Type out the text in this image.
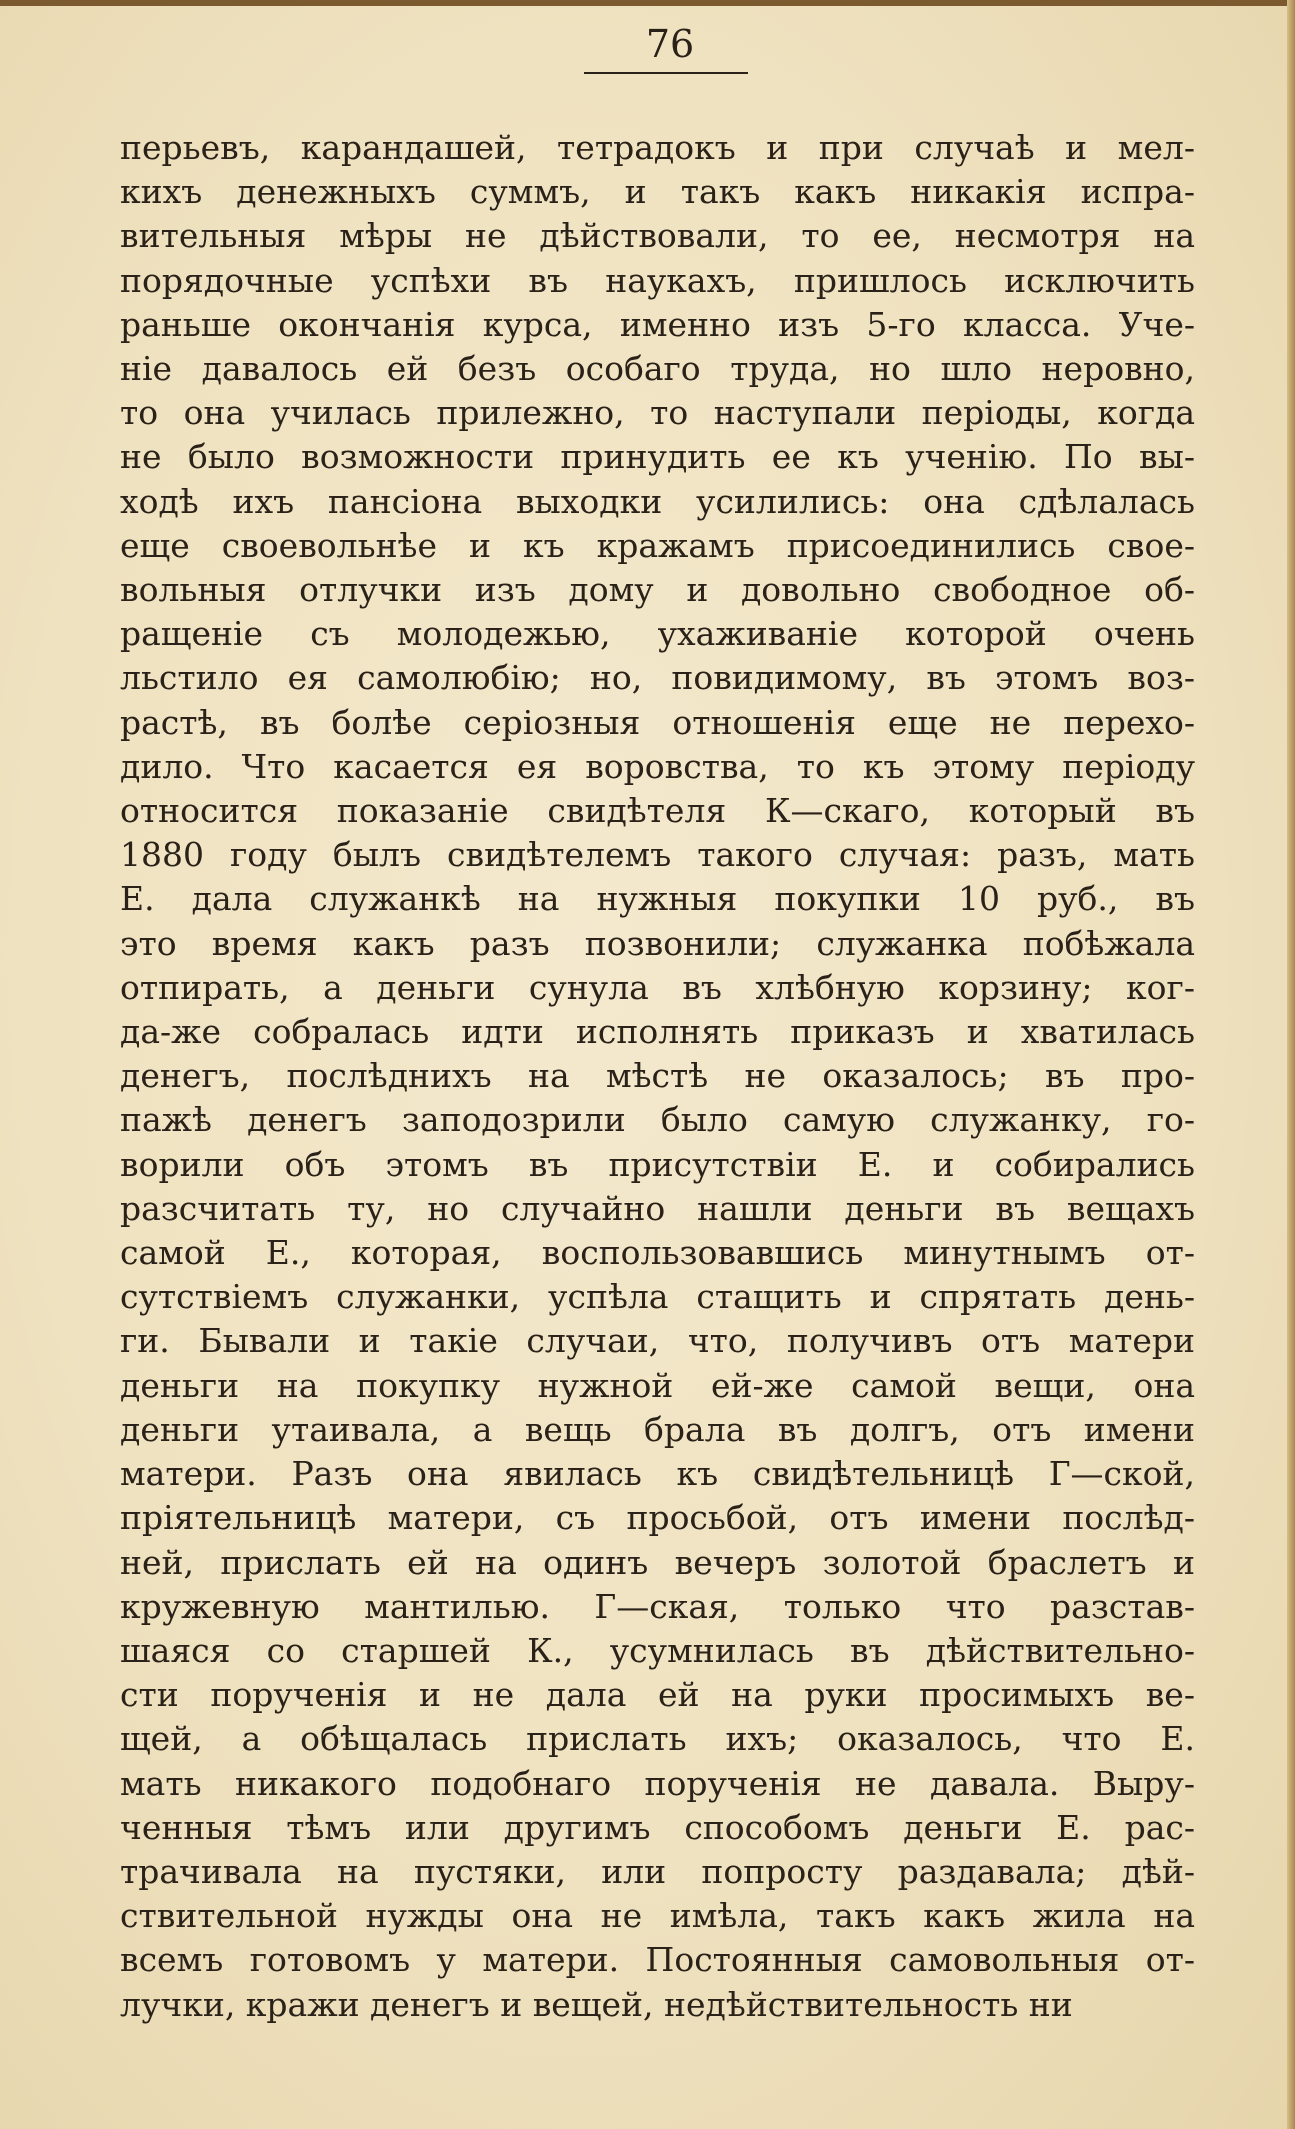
76
перьевъ, карандашей, тетрадокъ и при случаѣ и мел-
кихъ денежныхъ суммъ, и такъ какъ никакія испра-
вительныя мѣры не дѣйствовали, то ее, несмотря на
порядочные успѣхи въ наукахъ, пришлось исключить
раньше окончанія курса, именно изъ 5-го класса. Уче-
ніе давалось ей безъ особаго труда, но шло неровно,
то она училась прилежно, то наступали періоды, когда
не было возможности принудить ее къ ученію. По вы-
ходѣ ихъ пансіона выходки усилились: она сдѣлалась
еще своевольнѣе и къ кражамъ присоединились свое-
вольныя отлучки изъ дому и довольно свободное об-
ращеніе съ молодежью, ухаживаніе которой очень
льстило ея самолюбію; но, повидимому, въ этомъ воз-
растѣ, въ болѣе серіозныя отношенія еще не перехо-
дило. Что касается ея воровства, то къ этому періоду
относится показаніе свидѣтеля К—скаго, который въ
1880 году былъ свидѣтелемъ такого случая: разъ, мать
Е. дала служанкѣ на нужныя покупки 10 руб., въ
это время какъ разъ позвонили; служанка побѣжала
отпирать, а деньги сунула въ хлѣбную корзину; ког-
да-же собралась идти исполнять приказъ и хватилась
денегъ, послѣднихъ на мѣстѣ не оказалось; въ про-
пажѣ денегъ заподозрили было самую служанку, го-
ворили объ этомъ въ присутствіи Е. и собирались
разсчитать ту, но случайно нашли деньги въ вещахъ
самой Е., которая, воспользовавшись минутнымъ от-
сутствіемъ служанки, успѣла стащить и спрятать день-
ги. Бывали и такіе случаи, что, получивъ отъ матери
деньги на покупку нужной ей-же самой вещи, она
деньги утаивала, а вещь брала въ долгъ, отъ имени
матери. Разъ она явилась къ свидѣтельницѣ Г—ской,
пріятельницѣ матери, съ просьбой, отъ имени послѣд-
ней, прислать ей на одинъ вечеръ золотой браслетъ и
кружевную мантилью. Г—ская, только что разстав-
шаяся со старшей К., усумнилась въ дѣйствительно-
сти порученія и не дала ей на руки просимыхъ ве-
щей, а обѣщалась прислать ихъ; оказалось, что Е.
мать никакого подобнаго порученія не давала. Выру-
ченныя тѣмъ или другимъ способомъ деньги Е. рас-
трачивала на пустяки, или попросту раздавала; дѣй-
ствительной нужды она не имѣла, такъ какъ жила на
всемъ готовомъ у матери. Постоянныя самовольныя от-
лучки, кражи денегъ и вещей, недѣйствительность ни
